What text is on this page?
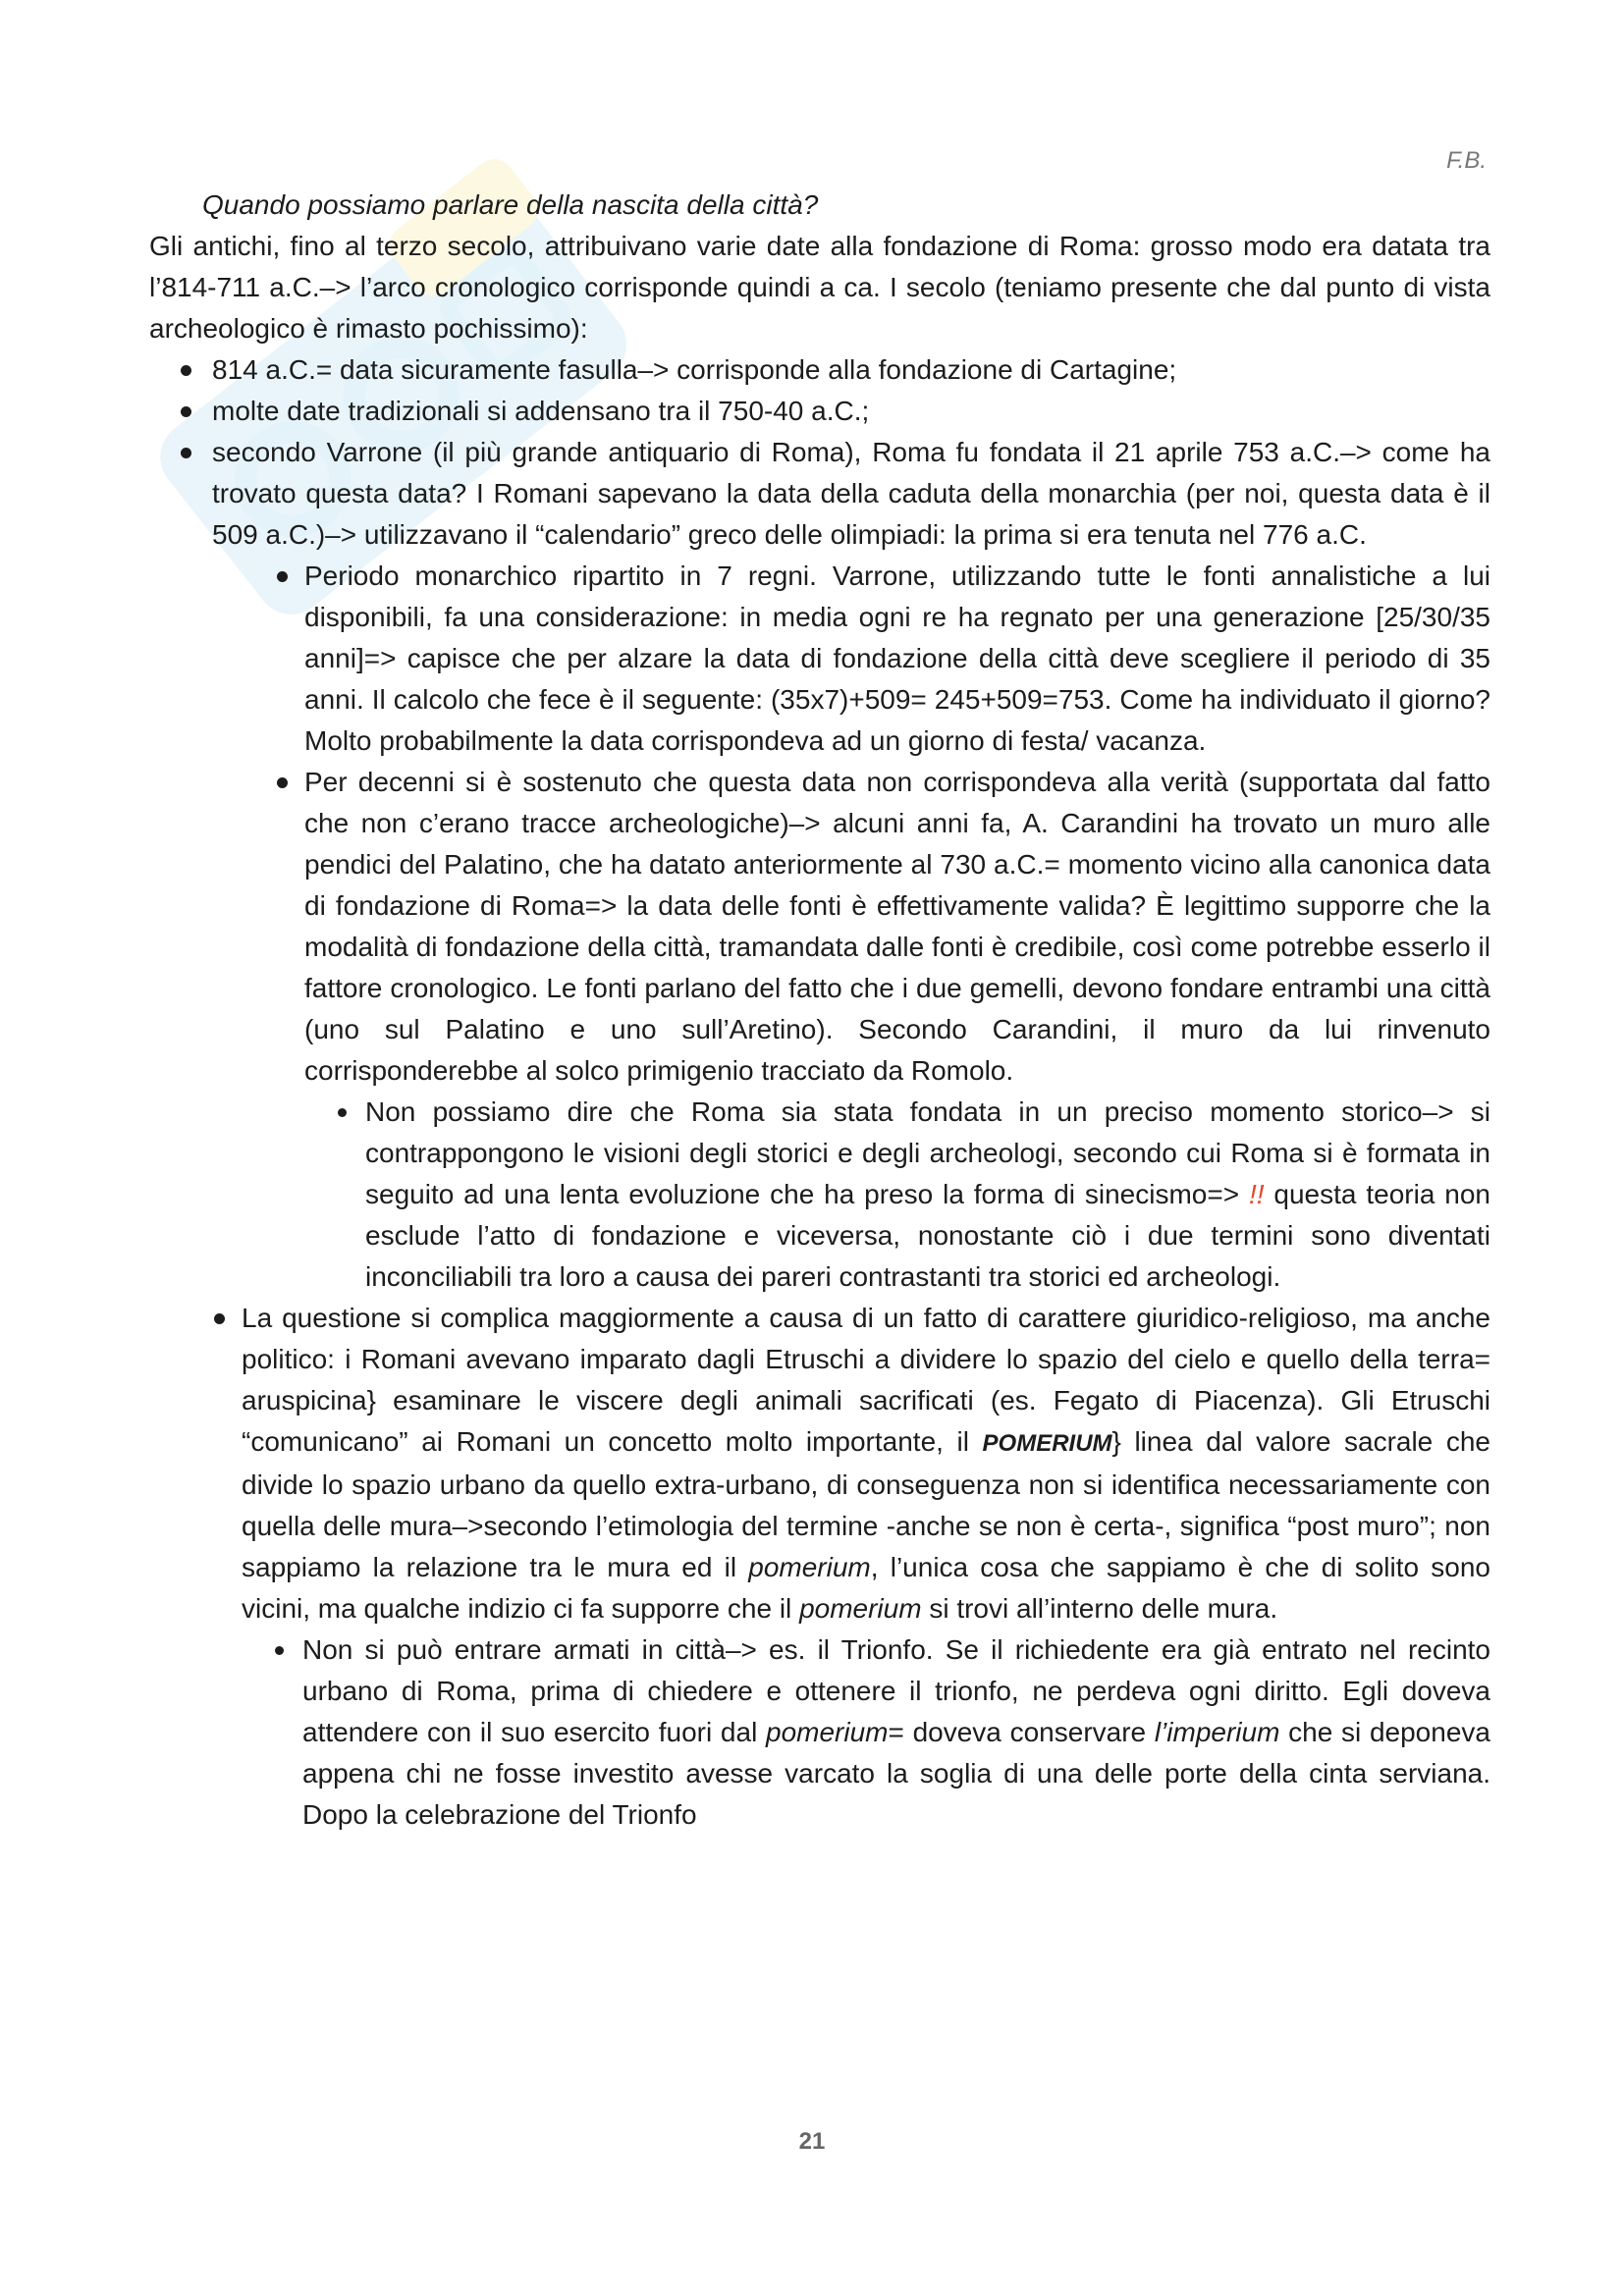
F.B.

Quando possiamo parlare della nascita della città?

Gli antichi, fino al terzo secolo, attribuivano varie date alla fondazione di Roma: grosso modo era datata tra l’814-711 a.C.–> l’arco cronologico corrisponde quindi a ca. I secolo (teniamo presente che dal punto di vista archeologico è rimasto pochissimo):

814 a.C.= data sicuramente fasulla–> corrisponde alla fondazione di Cartagine;
molte date tradizionali si addensano tra il 750-40 a.C.;
secondo Varrone (il più grande antiquario di Roma), Roma fu fondata il 21 aprile 753 a.C.–> come ha trovato questa data? I Romani sapevano la data della caduta della monarchia (per noi, questa data è il 509 a.C.)–> utilizzavano il “calendario” greco delle olimpiadi: la prima si era tenuta nel 776 a.C.
Periodo monarchico ripartito in 7 regni. Varrone, utilizzando tutte le fonti annalistiche a lui disponibili, fa una considerazione: in media ogni re ha regnato per una generazione [25/30/35 anni]=> capisce che per alzare la data di fondazione della città deve scegliere il periodo di 35 anni. Il calcolo che fece è il seguente: (35x7)+509= 245+509=753. Come ha individuato il giorno? Molto probabilmente la data corrispondeva ad un giorno di festa/ vacanza.
Per decenni si è sostenuto che questa data non corrispondeva alla verità (supportata dal fatto che non c’erano tracce archeologiche)–> alcuni anni fa, A. Carandini ha trovato un muro alle pendici del Palatino, che ha datato anteriormente al 730 a.C.= momento vicino alla canonica data di fondazione di Roma=> la data delle fonti è effettivamente valida? È legittimo supporre che la modalità di fondazione della città, tramandata dalle fonti è credibile, così come potrebbe esserlo il fattore cronologico. Le fonti parlano del fatto che i due gemelli, devono fondare entrambi una città (uno sul Palatino e uno sull’Aretino). Secondo Carandini, il muro da lui rinvenuto corrisponderebbe al solco primigenio tracciato da Romolo.
Non possiamo dire che Roma sia stata fondata in un preciso momento storico–> si contrappongono le visioni degli storici e degli archeologi, secondo cui Roma si è formata in seguito ad una lenta evoluzione che ha preso la forma di sinecismo=> !! questa teoria non esclude l’atto di fondazione e viceversa, nonostante ciò i due termini sono diventati inconciliabili tra loro a causa dei pareri contrastanti tra storici ed archeologi.
La questione si complica maggiormente a causa di un fatto di carattere giuridico-religioso, ma anche politico: i Romani avevano imparato dagli Etruschi a dividere lo spazio del cielo e quello della terra= aruspicina} esaminare le viscere degli animali sacrificati (es. Fegato di Piacenza). Gli Etruschi “comunicano” ai Romani un concetto molto importante, il POMERIUM} linea dal valore sacrale che divide lo spazio urbano da quello extra-urbano, di conseguenza non si identifica necessariamente con quella delle mura–>secondo l’etimologia del termine -anche se non è certa-, significa “post muro”; non sappiamo la relazione tra le mura ed il pomerium, l’unica cosa che sappiamo è che di solito sono vicini, ma qualche indizio ci fa supporre che il pomerium si trovi all’interno delle mura.
Non si può entrare armati in città–> es. il Trionfo. Se il richiedente era già entrato nel recinto urbano di Roma, prima di chiedere e ottenere il trionfo, ne perdeva ogni diritto. Egli doveva attendere con il suo esercito fuori dal pomerium= doveva conservare l’imperium che si deponeva appena chi ne fosse investito avesse varcato la soglia di una delle porte della cinta serviana. Dopo la celebrazione del Trionfo
21
